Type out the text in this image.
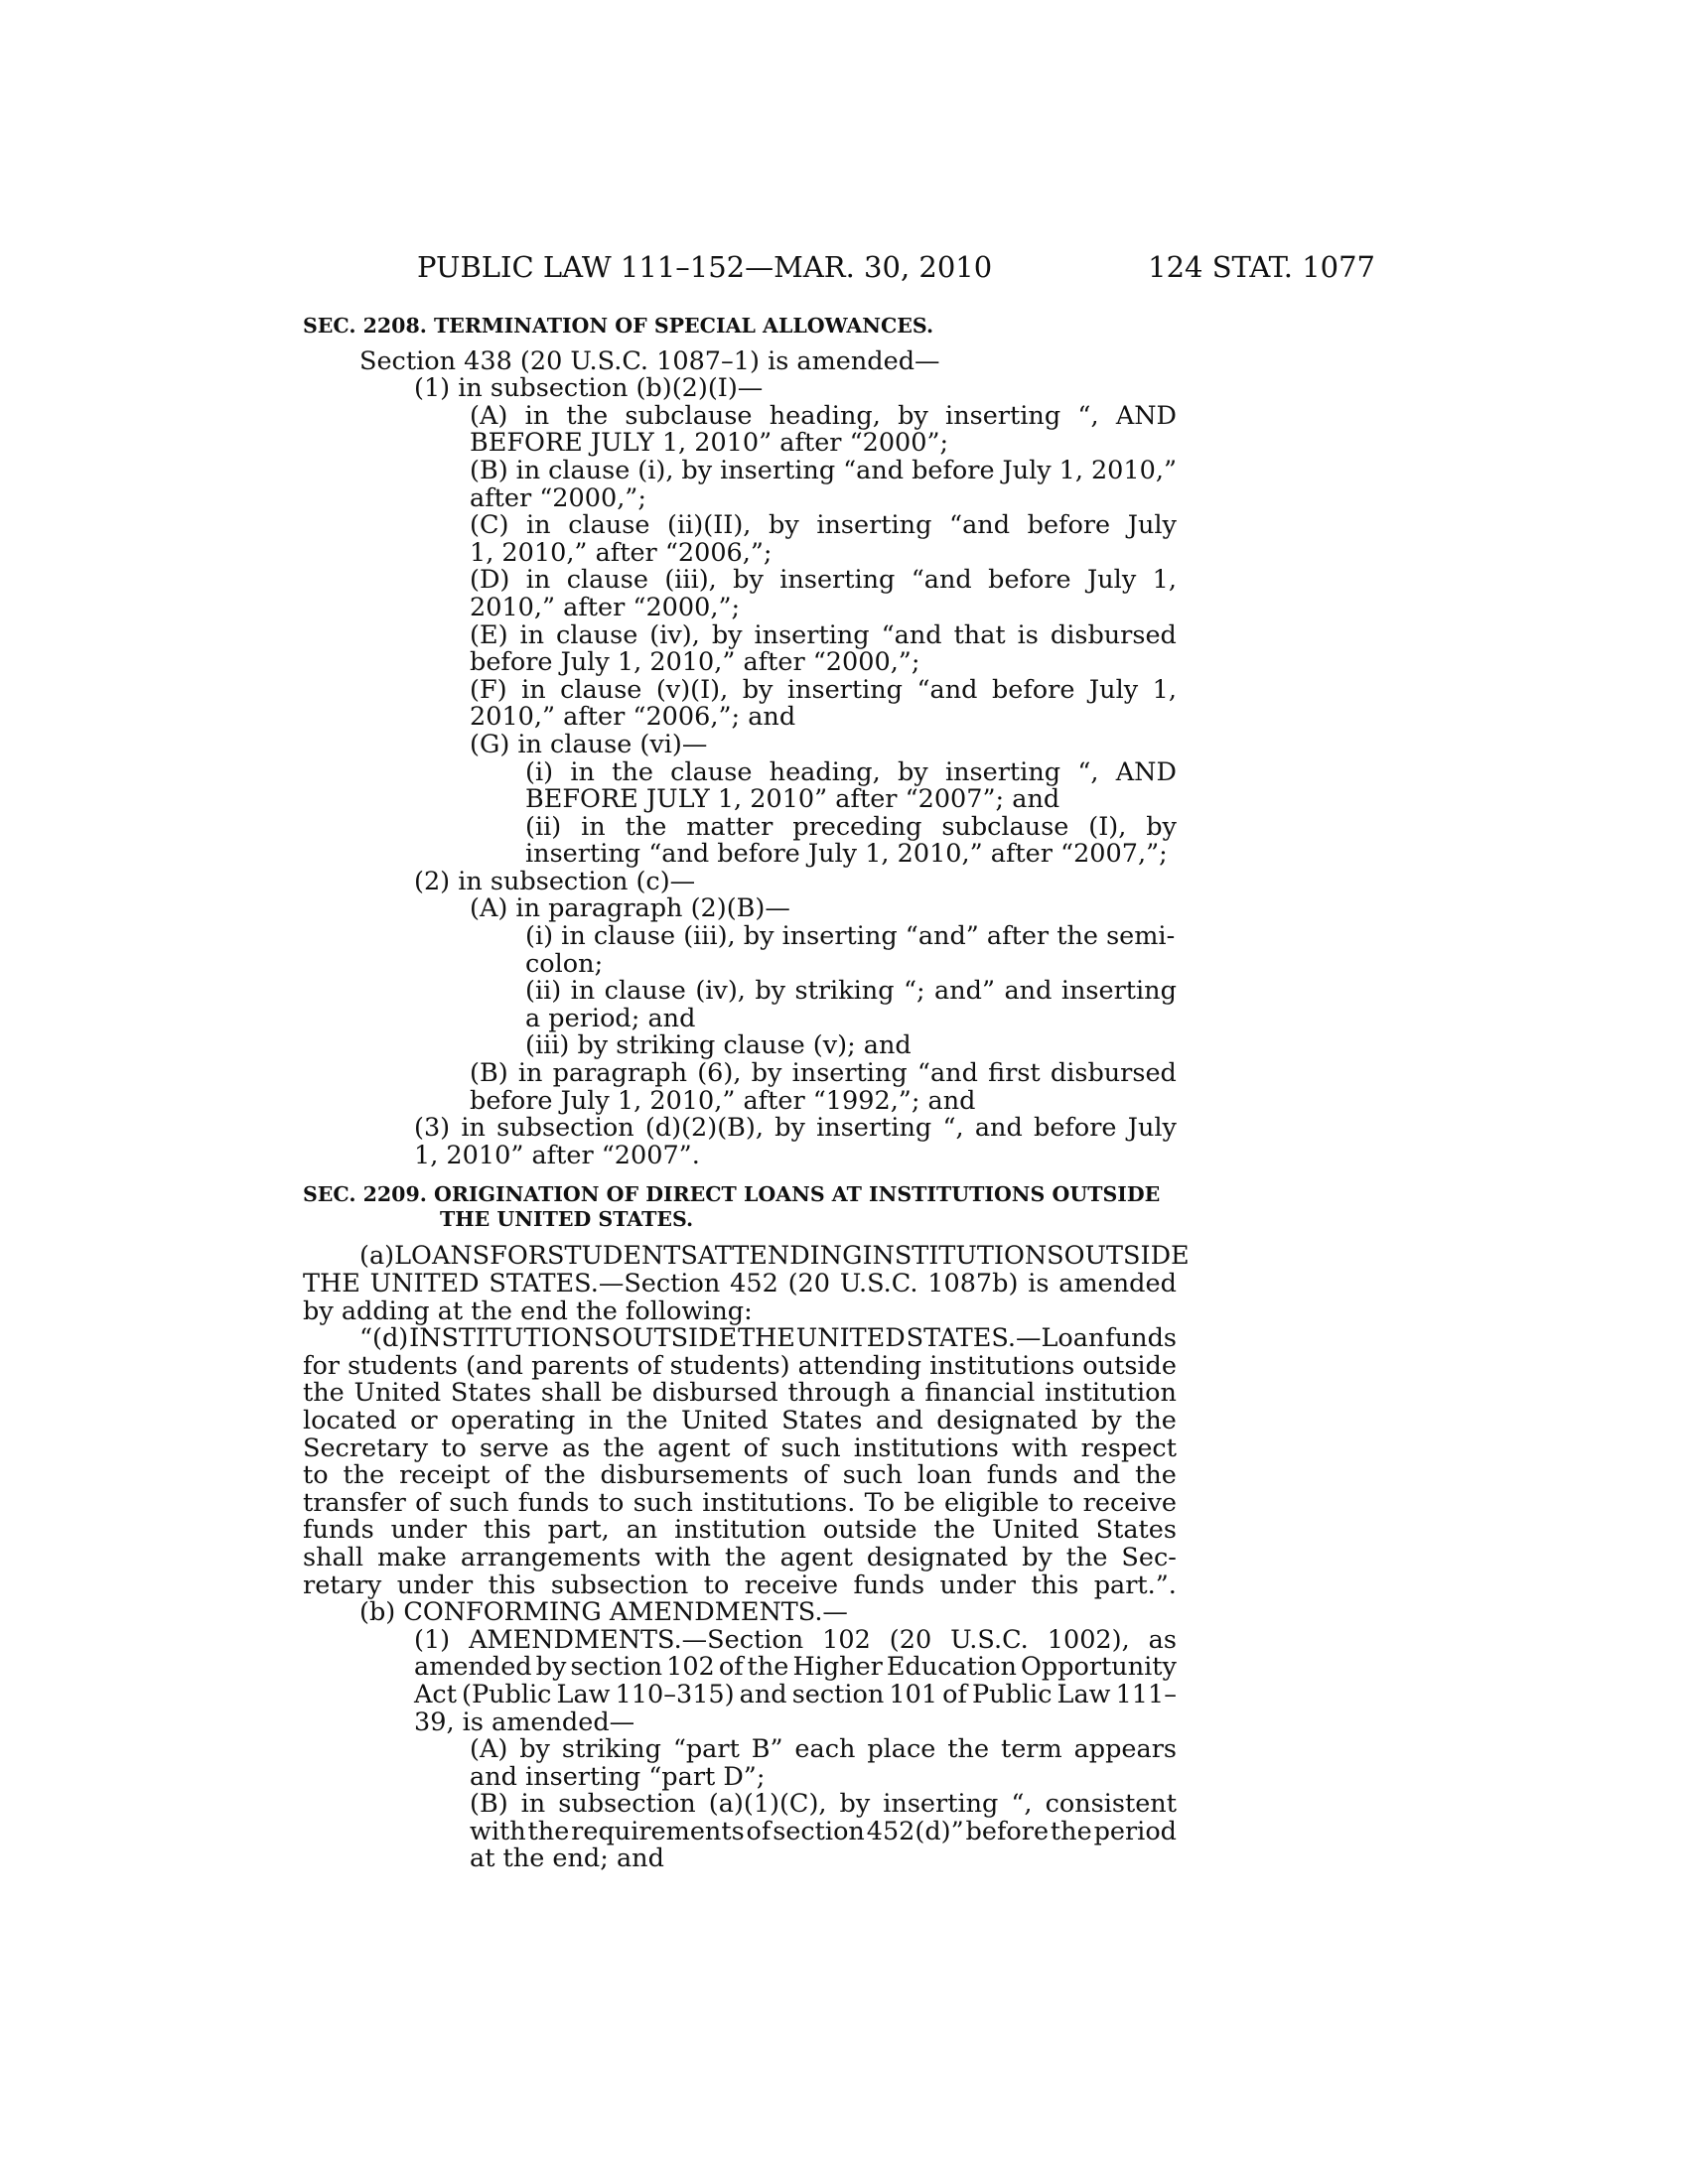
PUBLIC LAW 111–152—MAR. 30, 2010	124 STAT. 1077
SEC. 2208. TERMINATION OF SPECIAL ALLOWANCES.
Section 438 (20 U.S.C. 1087–1) is amended—
(1) in subsection (b)(2)(I)—
(A) in the subclause heading, by inserting “, AND
BEFORE JULY 1, 2010” after “2000”;
(B) in clause (i), by inserting “and before July 1, 2010,”
after “2000,”;
(C) in clause (ii)(II), by inserting “and before July
1, 2010,” after “2006,”;
(D) in clause (iii), by inserting “and before July 1,
2010,” after “2000,”;
(E) in clause (iv), by inserting “and that is disbursed
before July 1, 2010,” after “2000,”;
(F) in clause (v)(I), by inserting “and before July 1,
2010,” after “2006,”; and
(G) in clause (vi)—
(i) in the clause heading, by inserting “, AND
BEFORE JULY 1, 2010” after “2007”; and
(ii) in the matter preceding subclause (I), by
inserting “and before July 1, 2010,” after “2007,”;
(2) in subsection (c)—
(A) in paragraph (2)(B)—
(i) in clause (iii), by inserting “and” after the semi-
colon;
(ii) in clause (iv), by striking “; and” and inserting
a period; and
(iii) by striking clause (v); and
(B) in paragraph (6), by inserting “and first disbursed
before July 1, 2010,” after “1992,”; and
(3) in subsection (d)(2)(B), by inserting “, and before July
1, 2010” after “2007”.
SEC. 2209. ORIGINATION OF DIRECT LOANS AT INSTITUTIONS OUTSIDE
THE UNITED STATES.
(a) LOANS FOR STUDENTS ATTENDING INSTITUTIONS OUTSIDE
THE UNITED STATES.—Section 452 (20 U.S.C. 1087b) is amended
by adding at the end the following:
“(d) INSTITUTIONS OUTSIDE THE UNITED STATES.—Loan funds
for students (and parents of students) attending institutions outside
the United States shall be disbursed through a financial institution
located or operating in the United States and designated by the
Secretary to serve as the agent of such institutions with respect
to the receipt of the disbursements of such loan funds and the
transfer of such funds to such institutions. To be eligible to receive
funds under this part, an institution outside the United States
shall make arrangements with the agent designated by the Sec-
retary under this subsection to receive funds under this part.”.
(b) CONFORMING AMENDMENTS.—
(1) AMENDMENTS.—Section 102 (20 U.S.C. 1002), as
amended by section 102 of the Higher Education Opportunity
Act (Public Law 110–315) and section 101 of Public Law 111–
39, is amended—
(A) by striking “part B” each place the term appears
and inserting “part D”;
(B) in subsection (a)(1)(C), by inserting “, consistent
with the requirements of section 452(d)” before the period
at the end; and
